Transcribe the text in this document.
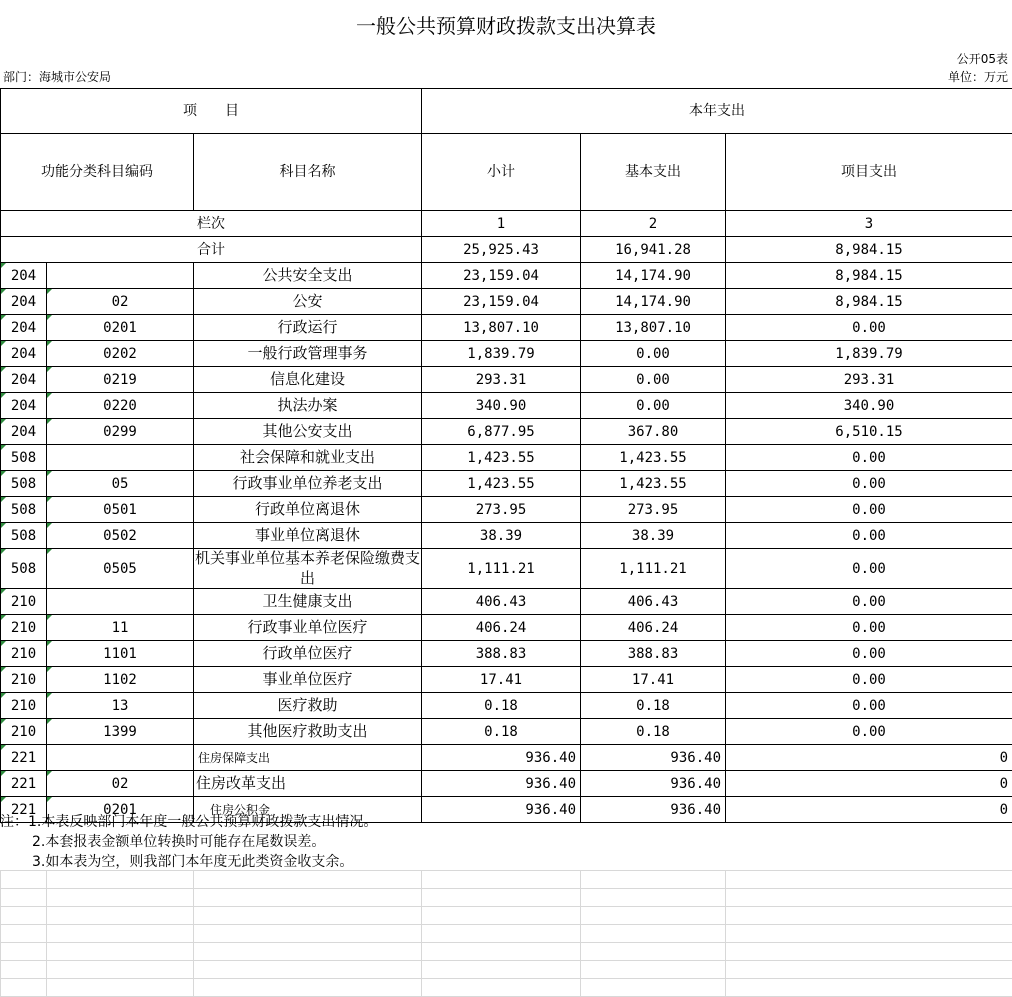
一般公共预算财政拨款支出决算表
公开05表
部门：海城市公安局	单位：万元
项　　目			本年支出		
功能分类科目编码		科目名称	小计	基本支出	项目支出
栏次			1	2	3
合计			25,925.43	16,941.28	8,984.15
204		公共安全支出	23,159.04	14,174.90	8,984.15
204	02	公安	23,159.04	14,174.90	8,984.15
204	0201	行政运行	13,807.10	13,807.10	0.00
204	0202	一般行政管理事务	1,839.79	0.00	1,839.79
204	0219	信息化建设	293.31	0.00	293.31
204	0220	执法办案	340.90	0.00	340.90
204	0299	其他公安支出	6,877.95	367.80	6,510.15
508		社会保障和就业支出	1,423.55	1,423.55	0.00
508	05	行政事业单位养老支出	1,423.55	1,423.55	0.00
508	0501	行政单位离退休	273.95	273.95	0.00
508	0502	事业单位离退休	38.39	38.39	0.00
508	0505	机关事业单位基本养老保险缴费支出	1,111.21	1,111.21	0.00
210		卫生健康支出	406.43	406.43	0.00
210	11	行政事业单位医疗	406.24	406.24	0.00
210	1101	行政单位医疗	388.83	388.83	0.00
210	1102	事业单位医疗	17.41	17.41	0.00
210	13	医疗救助	0.18	0.18	0.00
210	1399	其他医疗救助支出	0.18	0.18	0.00
221		住房保障支出	936.40	936.40	0
221	02	住房改革支出	936.40	936.40	0
221	0201	住房公积金	936.40	936.40	0
注：1.本表反映部门本年度一般公共预算财政拨款支出情况。
2.本套报表金额单位转换时可能存在尾数误差。
3.如本表为空，则我部门本年度无此类资金收支余。
